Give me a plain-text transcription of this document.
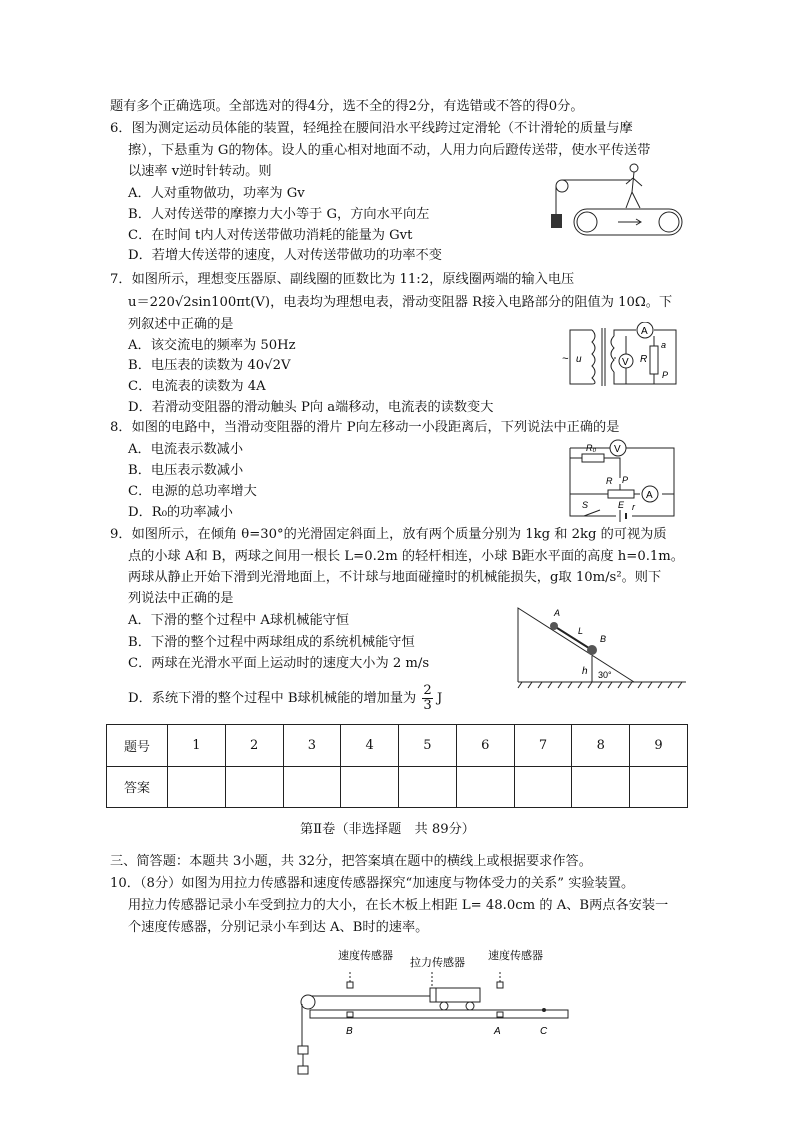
题有多个正确选项。全部选对的得4分，选不全的得2分，有选错或不答的得0分。
6．图为测定运动员体能的装置，轻绳拴在腰间沿水平线跨过定滑轮（不计滑轮的质量与摩
擦），下悬重为 G的物体。设人的重心相对地面不动，人用力向后蹬传送带，使水平传送带
以速率 v逆时针转动。则
A．人对重物做功，功率为 Gv
B．人对传送带的摩擦力大小等于 G，方向水平向左
C．在时间 t内人对传送带做功消耗的能量为 Gvt
D．若增大传送带的速度，人对传送带做功的功率不变
7．如图所示，理想变压器原、副线圈的匝数比为 11:2，原线圈两端的输入电压
u＝220√2sin100πt(V)，电表均为理想电表，滑动变阻器 R接入电路部分的阻值为 10Ω。下
列叙述中正确的是
A．该交流电的频率为 50Hz
B．电压表的读数为 40√2V
C．电流表的读数为 4A
D．若滑动变阻器的滑动触头 P向 a端移动，电流表的读数变大
~ u
A
V R
a
P
8．如图的电路中，当滑动变阻器的滑片 P向左移动一小段距离后，下列说法中正确的是
A．电流表示数减小
B．电压表示数减小
C．电源的总功率增大
D．R₀的功率减小
V
R₀
R P
A
S	E r
9．如图所示，在倾角 θ=30°的光滑固定斜面上，放有两个质量分别为 1kg 和 2kg 的可视为质
点的小球 A和 B，两球之间用一根长 L=0.2m 的轻杆相连，小球 B距水平面的高度 h=0.1m。
两球从静止开始下滑到光滑地面上，不计球与地面碰撞时的机械能损失，g取 10m/s²。则下
列说法中正确的是
A．下滑的整个过程中 A球机械能守恒
B．下滑的整个过程中两球组成的系统机械能守恒
C．两球在光滑水平面上运动时的速度大小为 2 m/s
D．系统下滑的整个过程中 B球机械能的增加量为 $\frac{2}{3}$ J
A
B
L
h 30°
题号	1	2	3	4	5	6	7	8	9
答案									
第Ⅱ卷（非选择题　共 89分）
三、简答题：本题共 3小题，共 32分，把答案填在题中的横线上或根据要求作答。
10．（8分）如图为用拉力传感器和速度传感器探究“加速度与物体受力的关系” 实验装置。
用拉力传感器记录小车受到拉力的大小，在长木板上相距 L= 48.0cm 的 A、B两点各安装一
个速度传感器，分别记录小车到达 A、B时的速率。
速度传感器
拉力传感器
速度传感器
B	A	C
